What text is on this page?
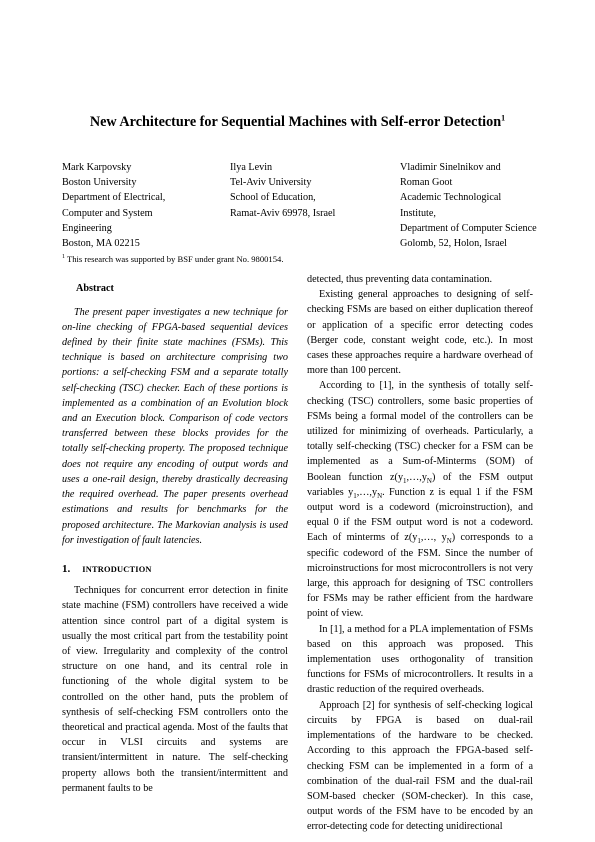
New Architecture for Sequential Machines with Self-error Detection$^1$
Mark Karpovsky
Boston University
Department of Electrical,
Computer and System
Engineering
Boston, MA 02215
Ilya Levin
Tel-Aviv University
School of Education,
Ramat-Aviv 69978, Israel
Vladimir Sinelnikov and
Roman Goot
Academic Technological
Institute,
Department of Computer Science
Golomb, 52, Holon, Israel

$^1$ This research was supported by BSF under grant No. 9800154.

Abstract

The present paper investigates a new technique for on-line checking of FPGA-based sequential devices defined by their finite state machines (FSMs). This technique is based on architecture comprising two portions: a self-checking FSM and a separate totally self-checking (TSC) checker. Each of these portions is implemented as a combination of an Evolution block and an Execution block. Comparison of code vectors transferred between these blocks provides for the totally self-checking property. The proposed technique does not require any encoding of output words and uses a one-rail design, thereby drastically decreasing the required overhead. The paper presents overhead estimations and results for benchmarks for the proposed architecture. The Markovian analysis is used for investigation of fault latencies.

1. INTRODUCTION

Techniques for concurrent error detection in finite state machine (FSM) controllers have received a wide attention since control part of a digital system is usually the most critical part from the testability point of view. Irregularity and complexity of the control structure on one hand, and its central role in functioning of the whole digital system to be controlled on the other hand, puts the problem of synthesis of self-checking FSM controllers onto the theoretical and practical agenda. Most of the faults that occur in VLSI circuits and systems are transient/intermittent in nature. The self-checking property allows both the transient/intermittent and permanent faults to be

detected, thus preventing data contamination.

Existing general approaches to designing of self-checking FSMs are based on either duplication thereof or application of a specific error detecting codes (Berger code, constant weight code, etc.). In most cases these approaches require a hardware overhead of more than 100 percent.

According to [1], in the synthesis of totally self-checking (TSC) controllers, some basic properties of FSMs being a formal model of the controllers can be utilized for minimizing of overheads. Particularly, a totally self-checking (TSC) checker for a FSM can be implemented as a Sum-of-Minterms (SOM) of Boolean function $z(y_1,\dots,y_N)$ of the FSM output variables $y_1,\dots,y_N$. Function z is equal 1 if the FSM output word is a codeword (microinstruction), and equal 0 if the FSM output word is not a codeword. Each of minterms of $z(y_1,\dots$, $y_N$) corresponds to a specific codeword of the FSM. Since the number of microinstructions for most microcontrollers is not very large, this approach for designing of TSC controllers for FSMs may be rather efficient from the hardware point of view.

In [1], a method for a PLA implementation of FSMs based on this approach was proposed. This implementation uses orthogonality of transition functions for FSMs of microcontrollers. It results in a drastic reduction of the required overheads.

Approach [2] for synthesis of self-checking logical circuits by FPGA is based on dual-rail implementations of the hardware to be checked. According to this approach the FPGA-based self-checking FSM can be implemented in a form of a combination of the dual-rail FSM and the dual-rail SOM-based checker (SOM-checker). In this case, output words of the FSM have to be encoded by an error-detecting code for detecting unidirectional
